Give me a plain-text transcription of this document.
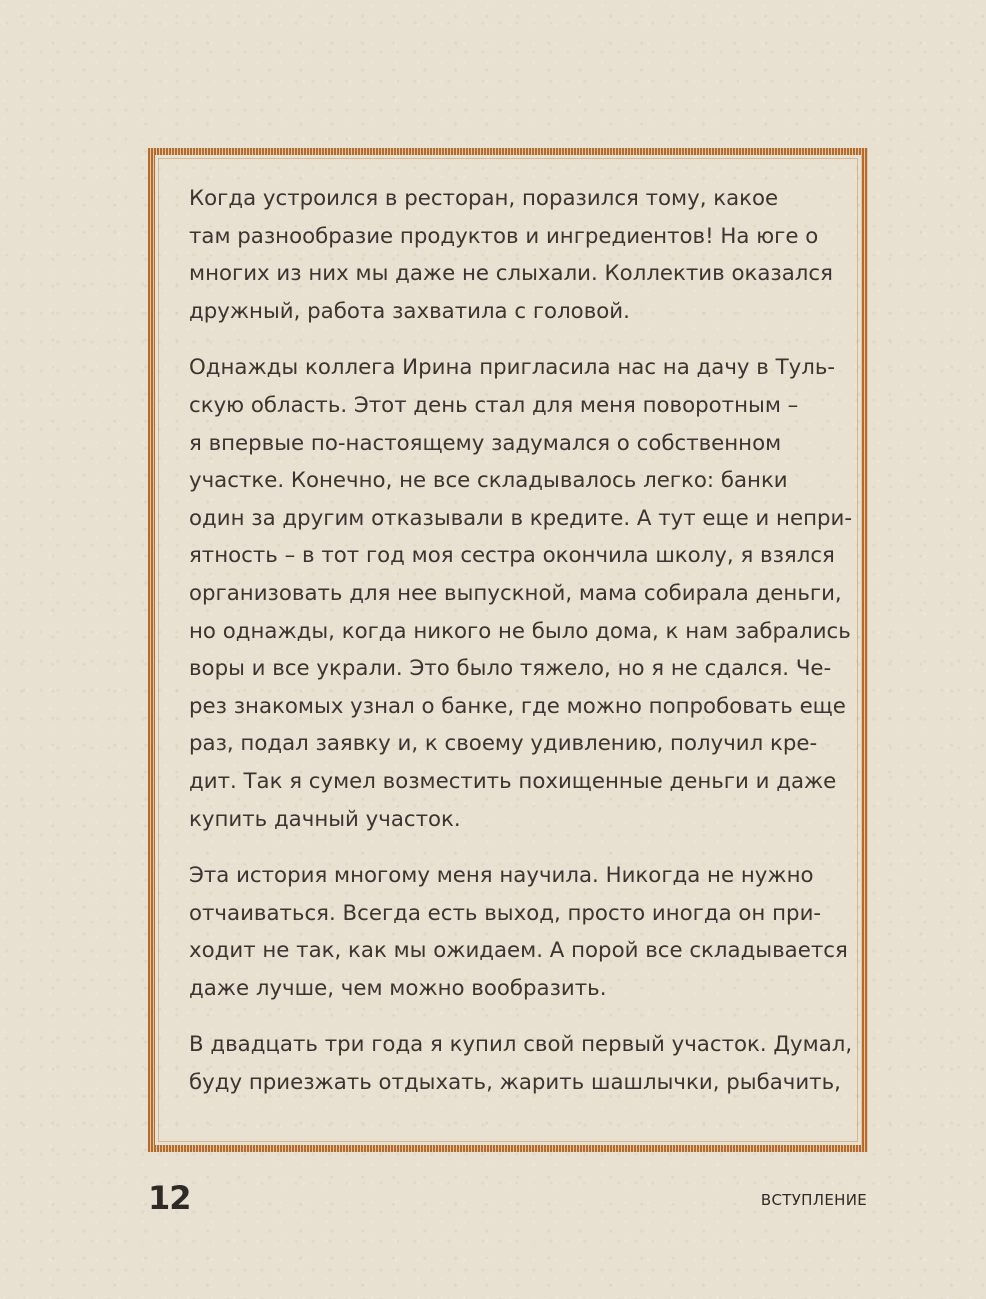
Когда устроился в ресторан, поразился тому, какое
там разнообразие продуктов и ингредиентов! На юге о
многих из них мы даже не слыхали. Коллектив оказался
дружный, работа захватила с головой.

Однажды коллега Ирина пригласила нас на дачу в Туль-
скую область. Этот день стал для меня поворотным –
я впервые по-настоящему задумался о собственном
участке. Конечно, не все складывалось легко: банки
один за другим отказывали в кредите. А тут еще и непри-
ятность – в тот год моя сестра окончила школу, я взялся
организовать для нее выпускной, мама собирала деньги,
но однажды, когда никого не было дома, к нам забрались
воры и все украли. Это было тяжело, но я не сдался. Че-
рез знакомых узнал о банке, где можно попробовать еще
раз, подал заявку и, к своему удивлению, получил кре-
дит. Так я сумел возместить похищенные деньги и даже
купить дачный участок.

Эта история многому меня научила. Никогда не нужно
отчаиваться. Всегда есть выход, просто иногда он при-
ходит не так, как мы ожидаем. А порой все складывается
даже лучше, чем можно вообразить.

В двадцать три года я купил свой первый участок. Думал,
буду приезжать отдыхать, жарить шашлычки, рыбачить,

12	ВСТУПЛЕНИЕ
